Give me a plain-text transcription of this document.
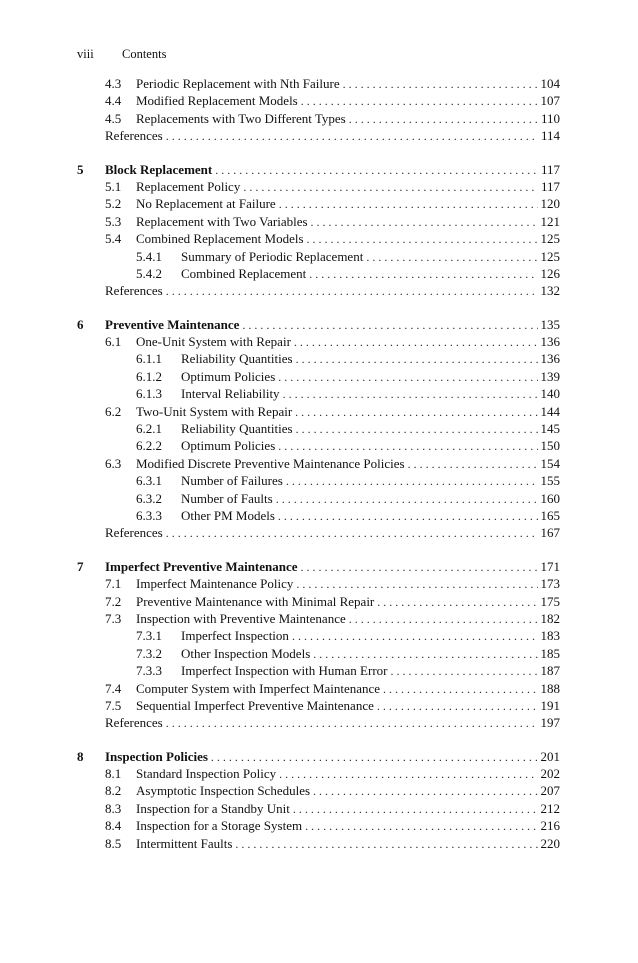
viii Contents
4.3	Periodic Replacement with Nth Failure . . .	104
4.4	Modified Replacement Models . . .	107
4.5	Replacements with Two Different Types . . .	110
References . . .	114
5	Block Replacement . . .	117
5.1	Replacement Policy . . .	117
5.2	No Replacement at Failure . . .	120
5.3	Replacement with Two Variables . . .	121
5.4	Combined Replacement Models . . .	125
5.4.1	Summary of Periodic Replacement . . .	125
5.4.2	Combined Replacement . . .	126
References . . .	132
6	Preventive Maintenance . . .	135
6.1	One-Unit System with Repair . . .	136
6.1.1	Reliability Quantities . . .	136
6.1.2	Optimum Policies . . .	139
6.1.3	Interval Reliability . . .	140
6.2	Two-Unit System with Repair . . .	144
6.2.1	Reliability Quantities . . .	145
6.2.2	Optimum Policies . . .	150
6.3	Modified Discrete Preventive Maintenance Policies . . .	154
6.3.1	Number of Failures . . .	155
6.3.2	Number of Faults . . .	160
6.3.3	Other PM Models . . .	165
References . . .	167
7	Imperfect Preventive Maintenance . . .	171
7.1	Imperfect Maintenance Policy . . .	173
7.2	Preventive Maintenance with Minimal Repair . . .	175
7.3	Inspection with Preventive Maintenance . . .	182
7.3.1	Imperfect Inspection . . .	183
7.3.2	Other Inspection Models . . .	185
7.3.3	Imperfect Inspection with Human Error . . .	187
7.4	Computer System with Imperfect Maintenance . . .	188
7.5	Sequential Imperfect Preventive Maintenance . . .	191
References . . .	197
8	Inspection Policies . . .	201
8.1	Standard Inspection Policy . . .	202
8.2	Asymptotic Inspection Schedules . . .	207
8.3	Inspection for a Standby Unit . . .	212
8.4	Inspection for a Storage System . . .	216
8.5	Intermittent Faults . . .	220
